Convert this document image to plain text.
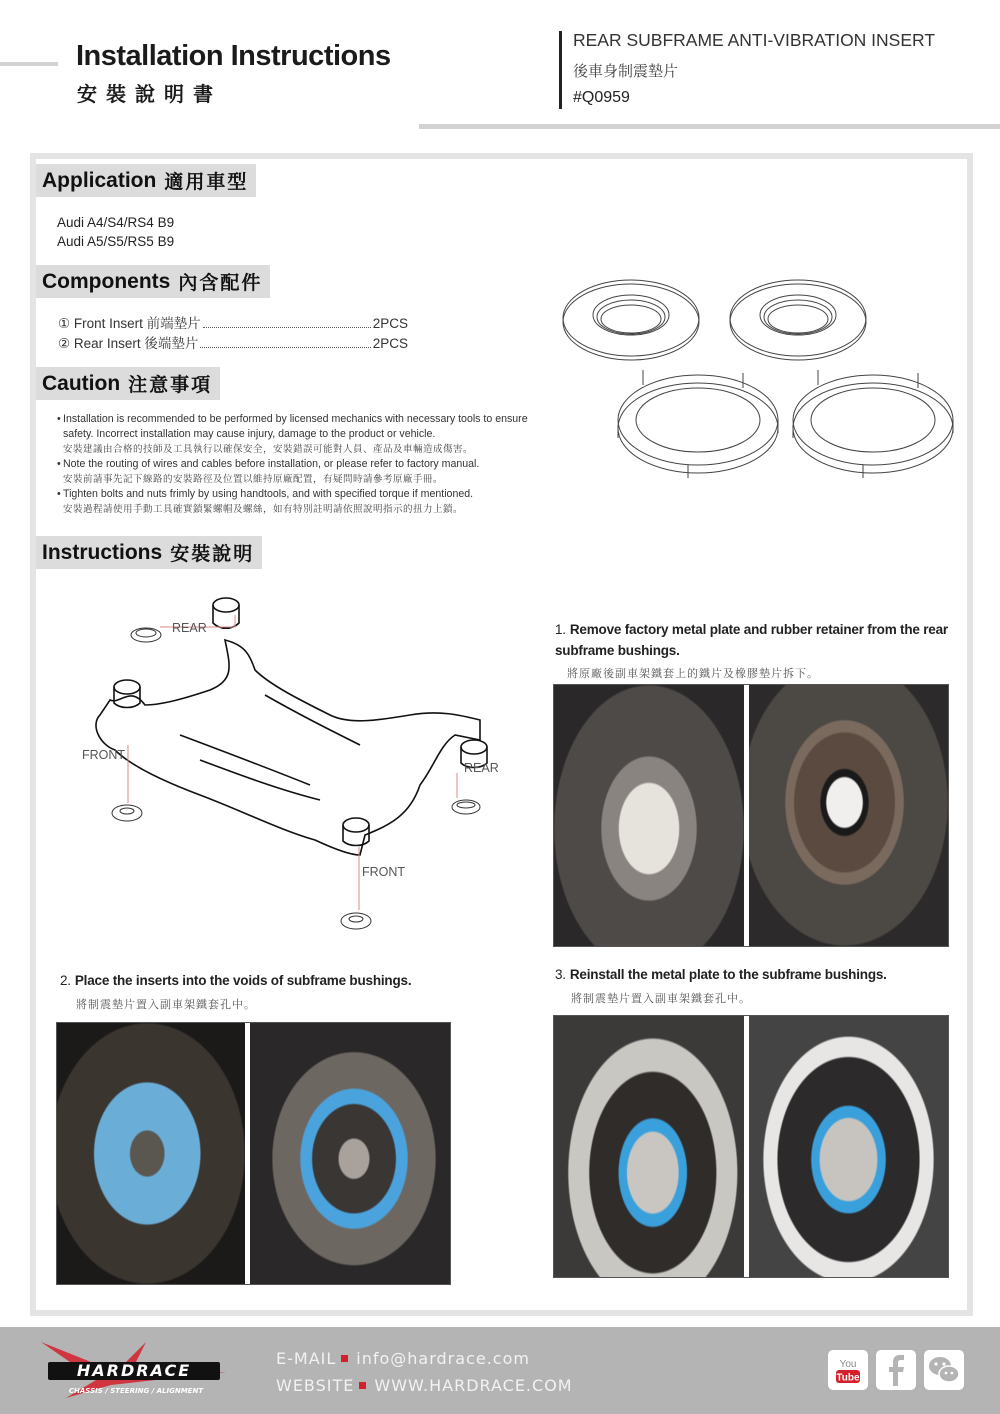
Installation Instructions
安裝說明書
REAR SUBFRAME ANTI-VIBRATION INSERT
後車身制震墊片
#Q0959
Application 適用車型
Audi A4/S4/RS4 B9
Audi A5/S5/RS5 B9
Components 內含配件
① Front Insert 前端墊片	2PCS
② Rear Insert 後端墊片	2PCS
Caution 注意事項
• Installation is recommended to be performed by licensed mechanics with necessary tools to ensure safety. Incorrect installation may cause injury, damage to the product or vehicle.
安裝建議由合格的技師及工具執行以確保安全，安裝錯誤可能對人員、產品及車輛造成傷害。
• Note the routing of wires and cables before installation, or please refer to factory manual.
安裝前請事先記下線路的安裝路徑及位置以維持原廠配置，有疑問時請參考原廠手冊。
• Tighten bolts and nuts frimly by using handtools, and with specified torque if mentioned.
安裝過程請使用手動工具確實鎖緊螺帽及螺絲，如有特別註明請依照說明指示的扭力上鎖。
Instructions 安裝說明
REAR
FRONT
REAR
FRONT
1. Remove factory metal plate and rubber retainer from the rear subframe bushings.
將原廠後副車架鐵套上的鐵片及橡膠墊片拆下。
2. Place the inserts into the voids of subframe bushings.
將制震墊片置入副車架鐵套孔中。
3. Reinstall the metal plate to the subframe bushings.
將制震墊片置入副車架鐵套孔中。
HARDRACE
CHASSIS / STEERING / ALIGNMENT
E-MAIL info@hardrace.com
WEBSITE WWW.HARDRACE.COM
You
Tube
